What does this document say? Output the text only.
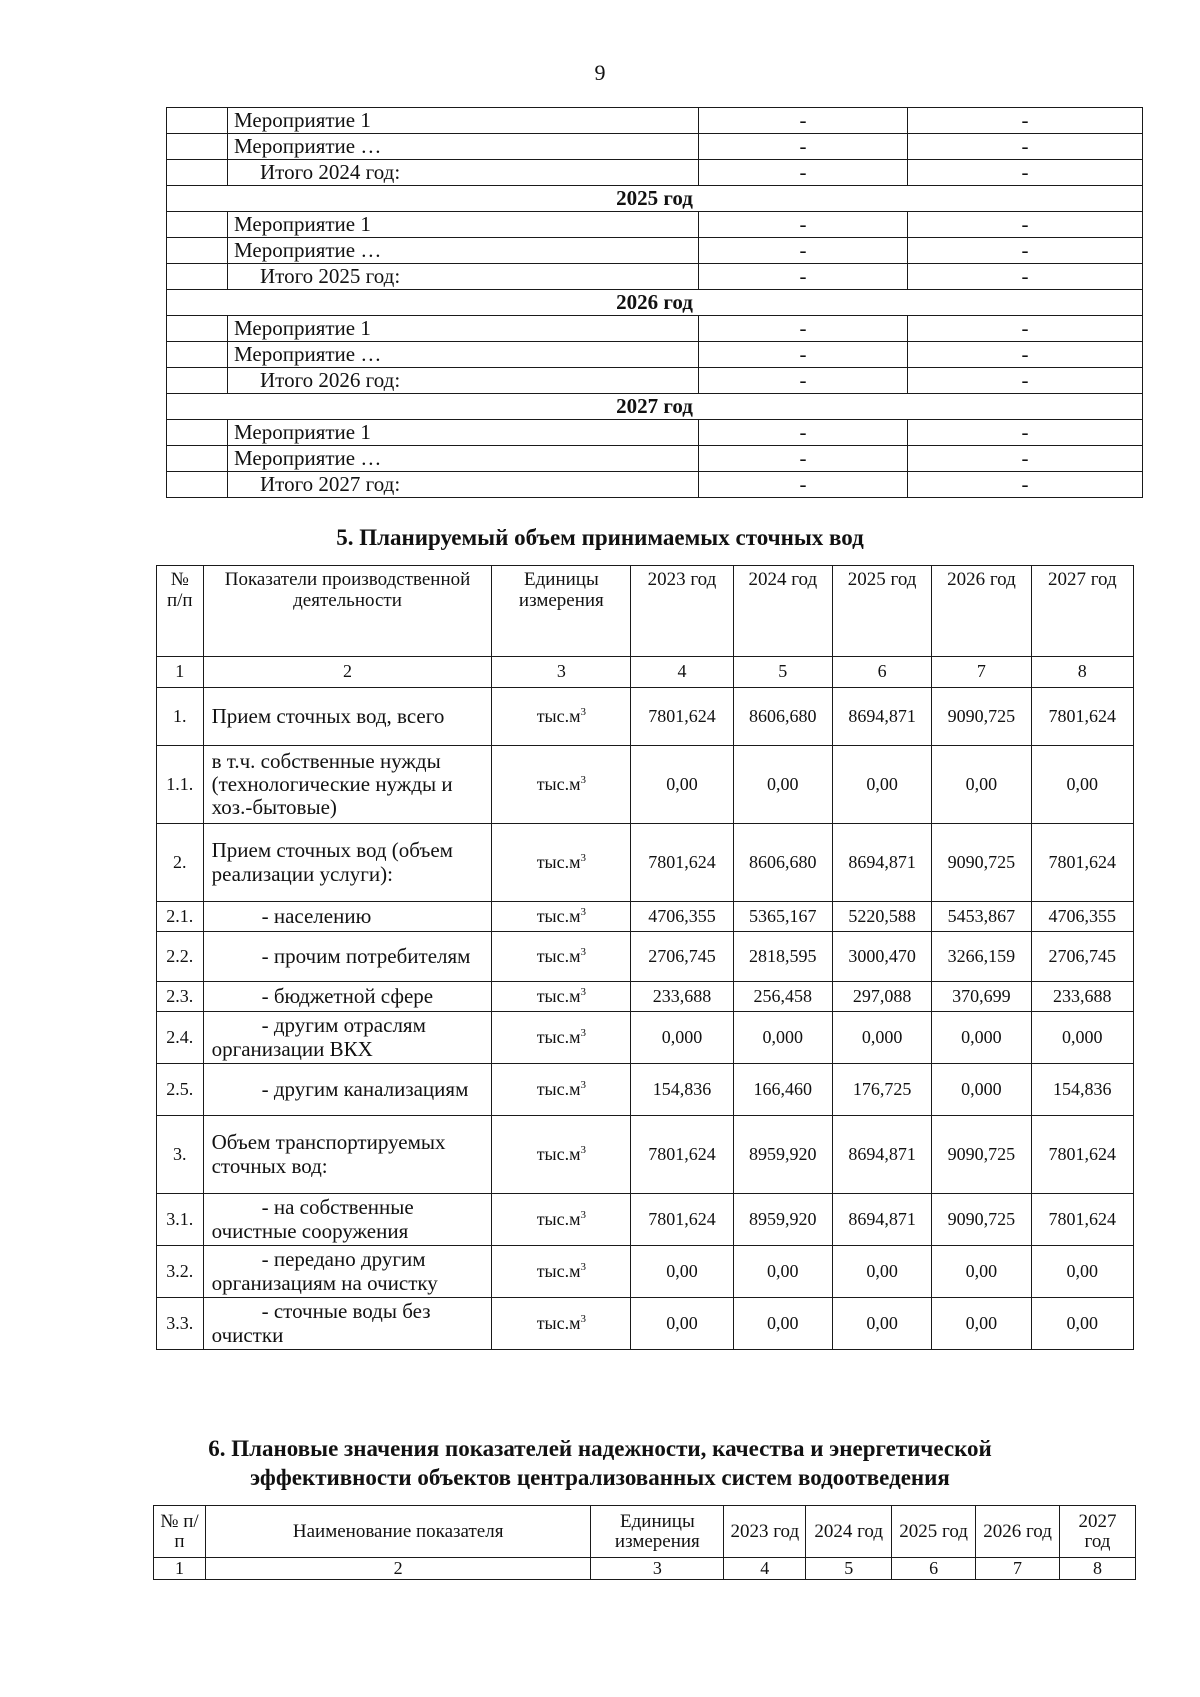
9
	Мероприятие 1	-	-
	Мероприятие …	-	-
	Итого 2024 год:	-	-
2025 год			
	Мероприятие 1	-	-
	Мероприятие …	-	-
	Итого 2025 год:	-	-
2026 год			
	Мероприятие 1	-	-
	Мероприятие …	-	-
	Итого 2026 год:	-	-
2027 год			
	Мероприятие 1	-	-
	Мероприятие …	-	-
	Итого 2027 год:	-	-
5. Планируемый объем принимаемых сточных вод
№ п/п	Показатели производственной деятельности	Единицы измерения	2023 год	2024 год	2025 год	2026 год	2027 год
1	2	3	4	5	6	7	8
1.	Прием сточных вод, всего	$тыс.м^3$	7801,624	8606,680	8694,871	9090,725	7801,624
1.1.	в т.ч. собственные нужды (технологические нужды и хоз.-бытовые)	$тыс.м^3$	0,00	0,00	0,00	0,00	0,00
2.	Прием сточных вод (объем реализации услуги):	$тыс.м^3$	7801,624	8606,680	8694,871	9090,725	7801,624
2.1.	- населению	$тыс.м^3$	4706,355	5365,167	5220,588	5453,867	4706,355
2.2.	- прочим потребителям	$тыс.м^3$	2706,745	2818,595	3000,470	3266,159	2706,745
2.3.	- бюджетной сфере	$тыс.м^3$	233,688	256,458	297,088	370,699	233,688
2.4.	- другим отраслям организации ВКХ	$тыс.м^3$	0,000	0,000	0,000	0,000	0,000
2.5.	- другим канализациям	$тыс.м^3$	154,836	166,460	176,725	0,000	154,836
3.	Объем транспортируемых сточных вод:	$тыс.м^3$	7801,624	8959,920	8694,871	9090,725	7801,624
3.1.	- на собственные очистные сооружения	$тыс.м^3$	7801,624	8959,920	8694,871	9090,725	7801,624
3.2.	- передано другим организациям на очистку	$тыс.м^3$	0,00	0,00	0,00	0,00	0,00
3.3.	- сточные воды без очистки	$тыс.м^3$	0,00	0,00	0,00	0,00	0,00
6. Плановые значения показателей надежности, качества и энергетической
эффективности объектов централизованных систем водоотведения
№ п/п	Наименование показателя	Единицы измерения	2023 год	2024 год	2025 год	2026 год	2027 год
1	2	3	4	5	6	7	8
